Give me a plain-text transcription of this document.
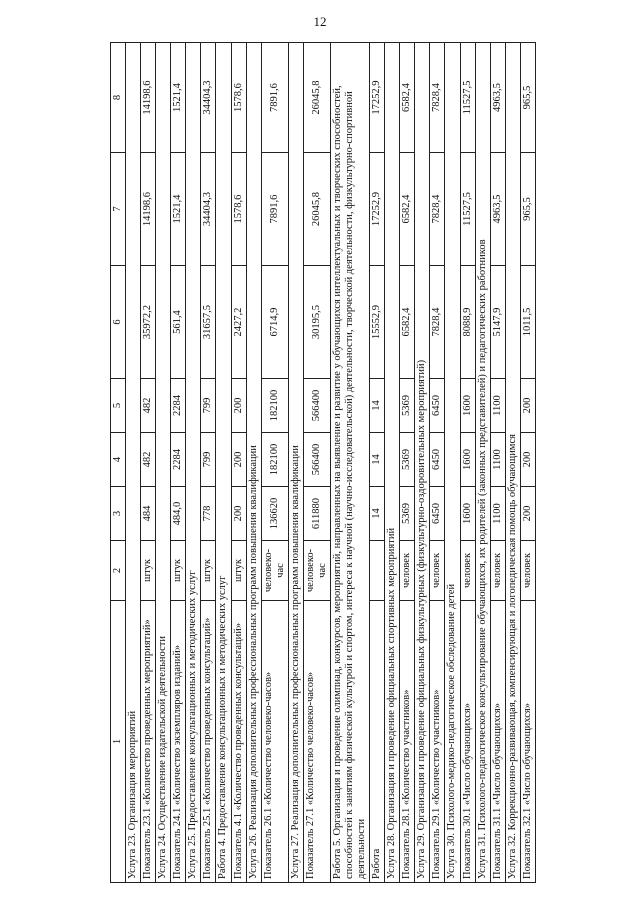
12
1	2	3	4	5	6	7	8
Услуга 23. Организация мероприятий							
Показатель 23.1 «Количество проведенных мероприятий»	штук	484	482	482	35972,2	14198,6	14198,6
Услуга 24. Осуществление издательской деятельности							
Показатель 24.1 «Количество экземпляров изданий»	штук	484,0	2284	2284	561,4	1521,4	1521,4
Услуга 25. Предоставление консультационных и методических услуг							
Показатель 25.1 «Количество проведенных консультаций»	штук	778	799	799	31657,5	34404,3	34404,3
Работа 4. Предоставление консультационных и методических услуг							
Показатель 4.1 «Количество проведенных консультаций»	штук	200	200	200	2427,2	1578,6	1578,6
Услуга 26. Реализация дополнительных профессиональных программ повышения квалификации							
Показатель 26.1 «Количество человеко-часов»	человеко-час	136620	182100	182100	6714,9	7891,6	7891,6
Услуга 27. Реализация дополнительных профессиональных программ повышения квалификации							
Показатель 27.1 «Количество человеко-часов»	человеко-час	611880	566400	566400	30195,5	26045,8	26045,8
Работа 5. Организация и проведение олимпиад, конкурсов, мероприятий, направленных на выявление и развитие у обучающихся интеллектуальных и творческих способностей, способностей к занятиям физической культурой и спортом, интереса к научной (научно-исследовательской) деятельности, творческой деятельности, физкультурно-спортивной деятельности							
Работа		14	14	14	15552,9	17252,9	17252,9
Услуга 28. Организация и проведение официальных спортивных мероприятий							
Показатель 28.1 «Количество участников»	человек	5369	5369	5369	6582,4	6582,4	6582,4
Услуга 29. Организация и проведение официальных физкультурных (физкультурно-оздоровительных мероприятий)							
Показатель 29.1 «Количество участников»	человек	6450	6450	6450	7828,4	7828,4	7828,4
Услуга 30. Психолого-медико-педагогическое обследование детей							
Показатель 30.1 «Число обучающихся»	человек	1600	1600	1600	8088,9	11527,5	11527,5
Услуга 31. Психолого-педагогическое консультирование обучающихся, их родителей (законных представителей) и педагогических работников							
Показатель 31.1 «Число обучающихся»	человек	1100	1100	1100	5147,9	4963,5	4963,5
Услуга 32. Коррекционно-развивающая, компенсирующая и логопедическая помощь обучающимся							
Показатель 32.1 «Число обучающихся»	человек	200	200	200	1011,5	965,5	965,5
